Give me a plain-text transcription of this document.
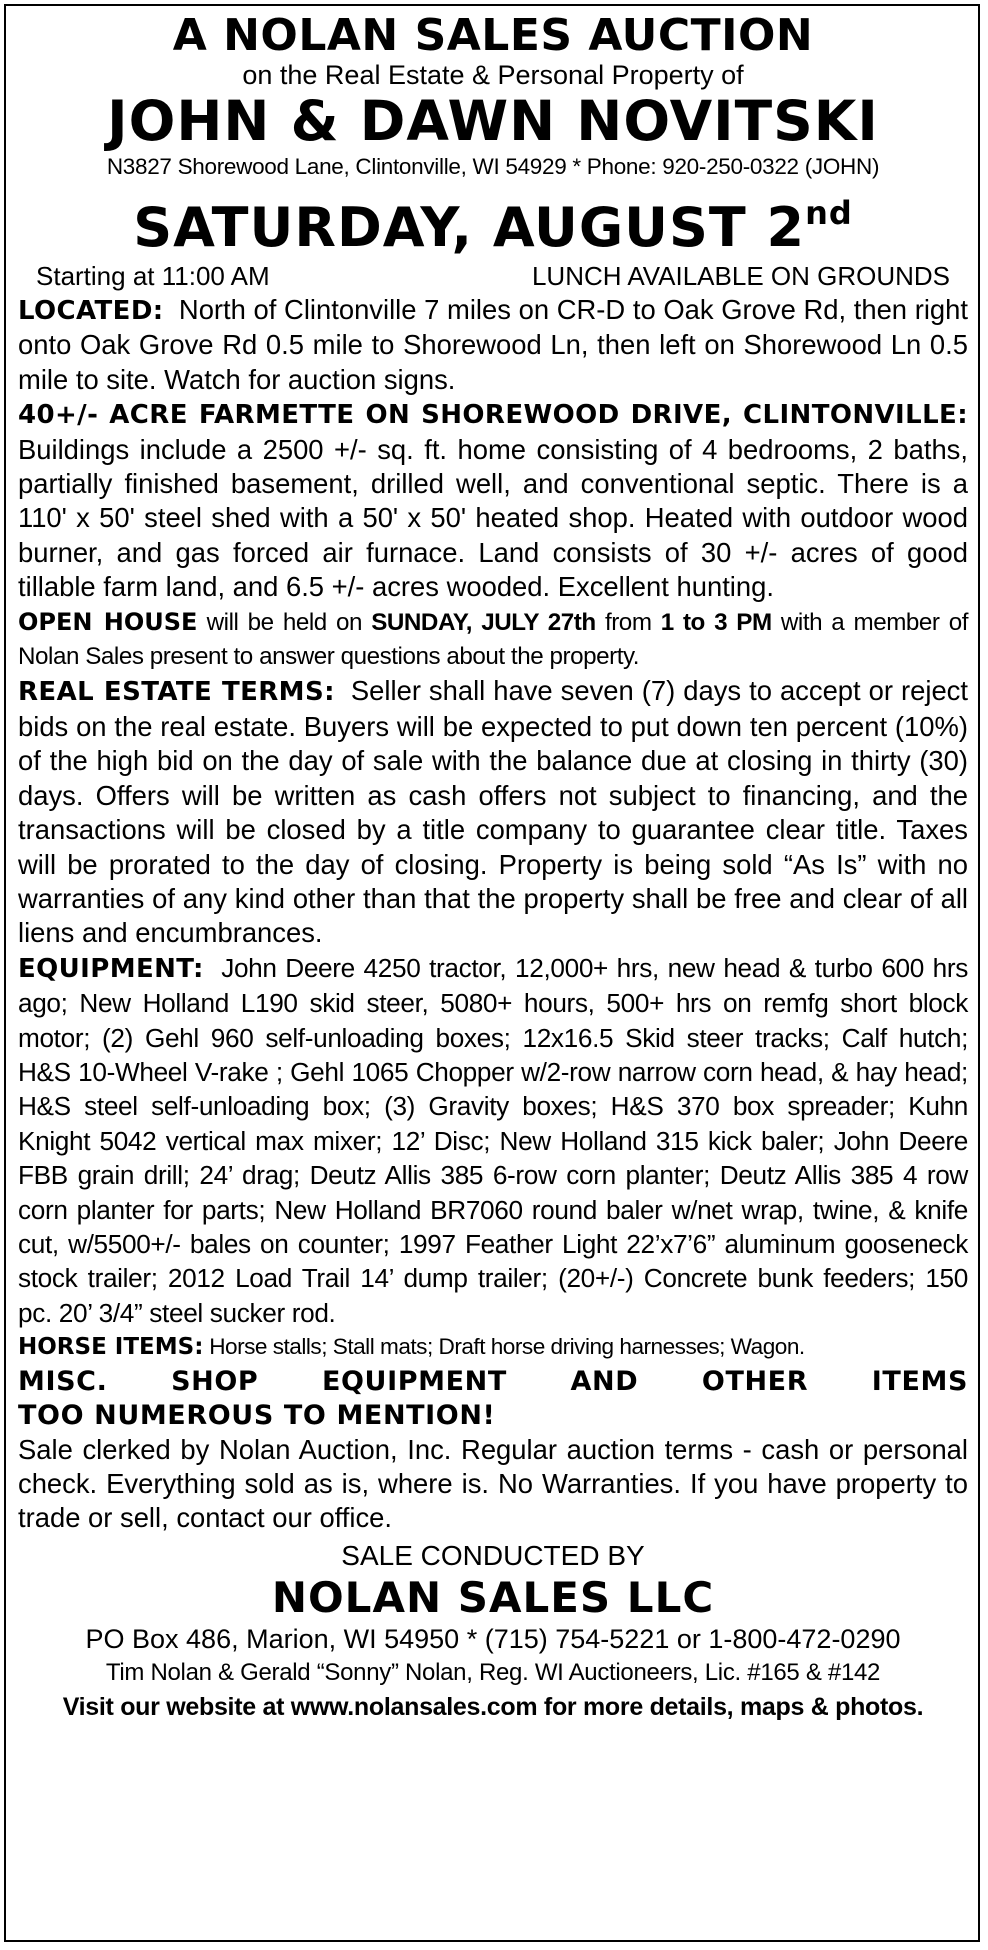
A NOLAN SALES AUCTION
on the Real Estate & Personal Property of
JOHN & DAWN NOVITSKI
N3827 Shorewood Lane, Clintonville, WI 54929 * Phone: 920-250-0322 (JOHN)
SATURDAY, AUGUST 2nd
Starting at 11:00 AM	LUNCH AVAILABLE ON GROUNDS

LOCATED: North of Clintonville 7 miles on CR-D to Oak Grove Rd, then right onto Oak Grove Rd 0.5 mile to Shorewood Ln, then left on Shorewood Ln 0.5 mile to site. Watch for auction signs.

40+/- ACRE FARMETTE ON SHOREWOOD DRIVE, CLINTONVILLE: Buildings include a 2500 +/- sq. ft. home consisting of 4 bedrooms, 2 baths, partially finished basement, drilled well, and conventional septic. There is a 110' x 50' steel shed with a 50' x 50' heated shop. Heated with outdoor wood burner, and gas forced air furnace. Land consists of 30 +/- acres of good tillable farm land, and 6.5 +/- acres wooded. Excellent hunting.

OPEN HOUSE will be held on SUNDAY, JULY 27th from 1 to 3 PM with a member of Nolan Sales present to answer questions about the property.

REAL ESTATE TERMS: Seller shall have seven (7) days to accept or reject bids on the real estate. Buyers will be expected to put down ten percent (10%) of the high bid on the day of sale with the balance due at closing in thirty (30) days. Offers will be written as cash offers not subject to financing, and the transactions will be closed by a title company to guarantee clear title. Taxes will be prorated to the day of closing. Property is being sold “As Is” with no warranties of any kind other than that the property shall be free and clear of all liens and encumbrances.

EQUIPMENT: John Deere 4250 tractor, 12,000+ hrs, new head & turbo 600 hrs ago; New Holland L190 skid steer, 5080+ hours, 500+ hrs on remfg short block motor; (2) Gehl 960 self-unloading boxes; 12x16.5 Skid steer tracks; Calf hutch; H&S 10-Wheel V-rake ; Gehl 1065 Chopper w/2-row narrow corn head, & hay head; H&S steel self-unloading box; (3) Gravity boxes; H&S 370 box spreader; Kuhn Knight 5042 vertical max mixer; 12’ Disc; New Holland 315 kick baler; John Deere FBB grain drill; 24’ drag; Deutz Allis 385 6-row corn planter; Deutz Allis 385 4 row corn planter for parts; New Holland BR7060 round baler w/net wrap, twine, & knife cut, w/5500+/- bales on counter; 1997 Feather Light 22’x7’6” aluminum gooseneck stock trailer; 2012 Load Trail 14’ dump trailer; (20+/-) Concrete bunk feeders; 150 pc. 20’ 3/4” steel sucker rod.

HORSE ITEMS: Horse stalls; Stall mats; Draft horse driving harnesses; Wagon.

MISC. SHOP EQUIPMENT AND OTHER ITEMS
TOO NUMEROUS TO MENTION!

Sale clerked by Nolan Auction, Inc. Regular auction terms - cash or personal check. Everything sold as is, where is. No Warranties. If you have property to trade or sell, contact our office.

SALE CONDUCTED BY
NOLAN SALES LLC
PO Box 486, Marion, WI 54950 * (715) 754-5221 or 1-800-472-0290
Tim Nolan & Gerald “Sonny” Nolan, Reg. WI Auctioneers, Lic. #165 & #142
Visit our website at www.nolansales.com for more details, maps & photos.
